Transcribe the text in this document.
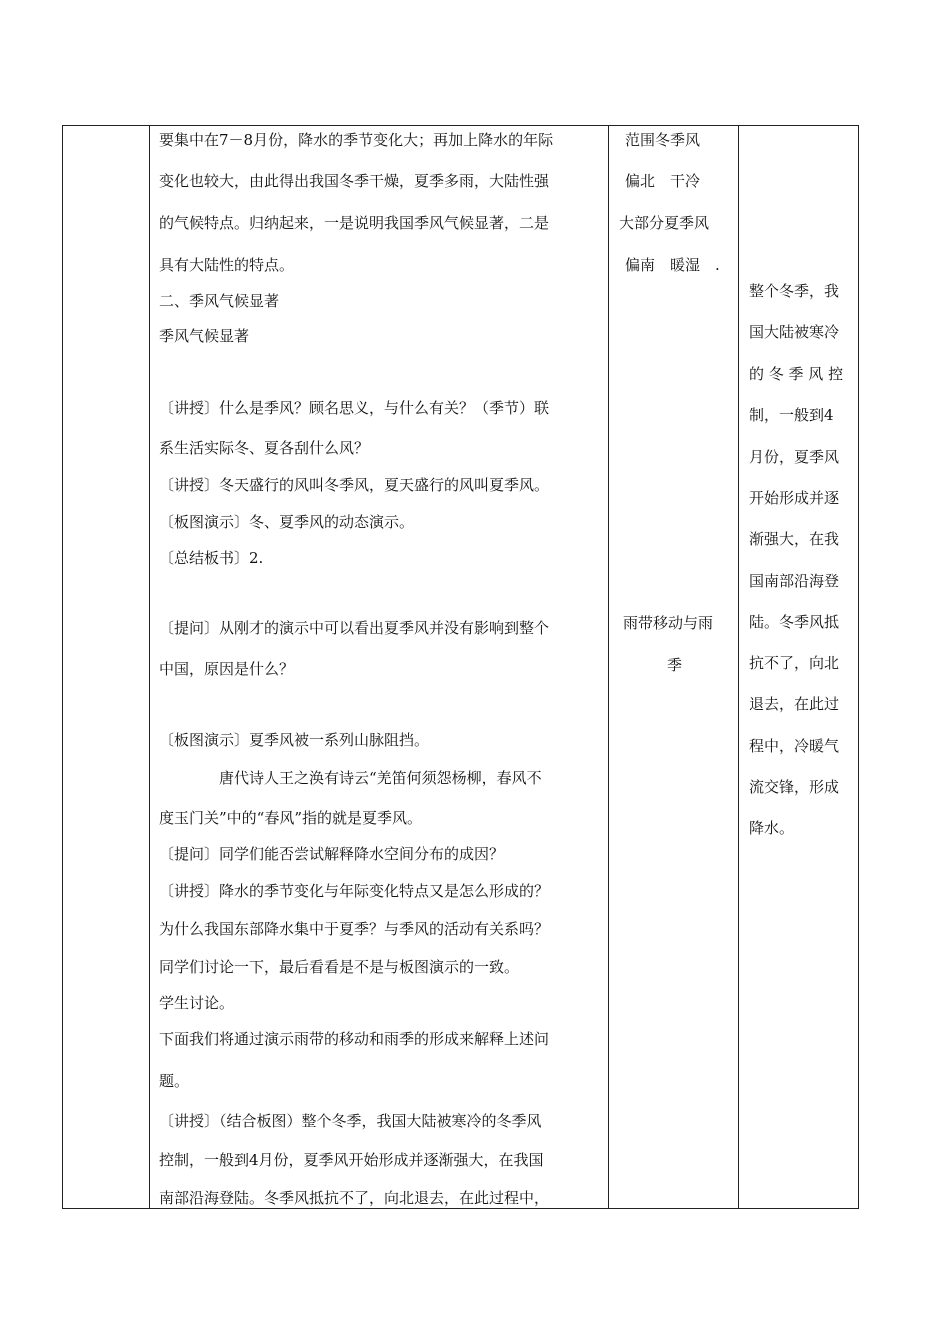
要集中在7－8月份，降水的季节变化大；再加上降水的年际
变化也较大，由此得出我国冬季干燥，夏季多雨，大陆性强
的气候特点。归纳起来，一是说明我国季风气候显著，二是
具有大陆性的特点。
二、季风气候显著
季风气候显著
〔讲授〕什么是季风？顾名思义，与什么有关？（季节）联
系生活实际冬、夏各刮什么风？
〔讲授〕冬天盛行的风叫冬季风，夏天盛行的风叫夏季风。
〔板图演示〕冬、夏季风的动态演示。
〔总结板书〕2.
〔提问〕从刚才的演示中可以看出夏季风并没有影响到整个
中国，原因是什么？
〔板图演示〕夏季风被一系列山脉阻挡。
唐代诗人王之涣有诗云“羌笛何须怨杨柳，春风不
度玉门关”中的“春风”指的就是夏季风。
〔提问〕同学们能否尝试解释降水空间分布的成因？
〔讲授〕降水的季节变化与年际变化特点又是怎么形成的？
为什么我国东部降水集中于夏季？与季风的活动有关系吗？
同学们讨论一下，最后看看是不是与板图演示的一致。
学生讨论。
下面我们将通过演示雨带的移动和雨季的形成来解释上述问
题。
〔讲授〕（结合板图）整个冬季，我国大陆被寒冷的冬季风
控制，一般到4月份，夏季风开始形成并逐渐强大，在我国
南部沿海登陆。冬季风抵抗不了，向北退去，在此过程中，
范围冬季风
偏北　干冷
大部分夏季风
偏南　暖湿　.
雨带移动与雨
季
整个冬季，我
国大陆被寒冷
的 冬 季 风 控
制，一般到4
月份，夏季风
开始形成并逐
渐强大，在我
国南部沿海登
陆。冬季风抵
抗不了，向北
退去，在此过
程中，冷暖气
流交锋，形成
降水。
